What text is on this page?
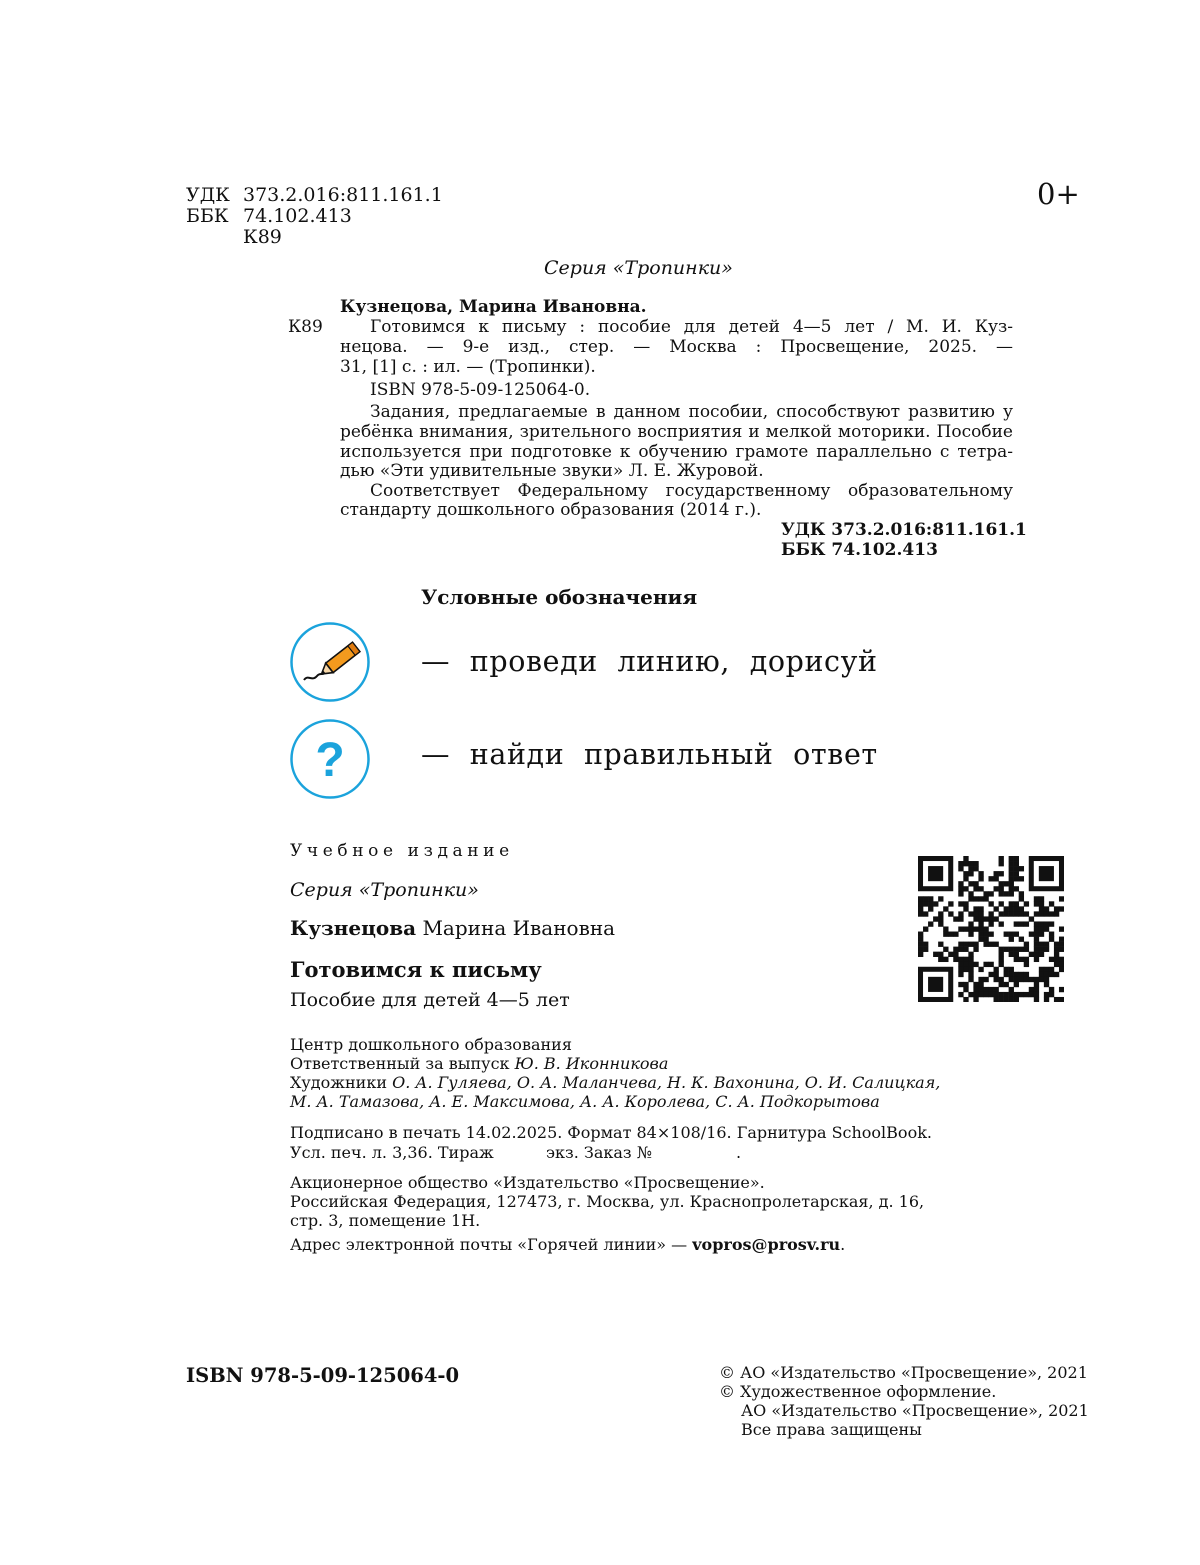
УДК 373.2.016:811.161.1
ББК 74.102.413
К89
0+
Серия «Тропинки»
Кузнецова, Марина Ивановна.
К89	Готовимся к письму : пособие для детей 4—5 лет / М. И. Куз-
нецова. — 9-е изд., стер. — Москва : Просвещение, 2025. —
31, [1] с. : ил. — (Тропинки).
ISBN 978-5-09-125064-0.
Задания, предлагаемые в данном пособии, способствуют развитию у
ребёнка внимания, зрительного восприятия и мелкой моторики. Пособие
используется при подготовке к обучению грамоте параллельно с тетра-
дью «Эти удивительные звуки» Л. Е. Журовой.
Соответствует Федеральному государственному образовательному
стандарту дошкольного образования (2014 г.).
УДК 373.2.016:811.161.1
ББК 74.102.413
Условные обозначения
— проведи линию, дорисуй
?	— найди правильный ответ
Учебное издание
Серия «Тропинки»
Кузнецова Марина Ивановна
Готовимся к письму
Пособие для детей 4—5 лет
Центр дошкольного образования
Ответственный за выпуск Ю. В. Иконникова
Художники О. А. Гуляева, О. А. Маланчева, Н. К. Вахонина, О. И. Салицкая,
М. А. Тамазова, А. Е. Максимова, А. А. Королева, С. А. Подкорытова
Подписано в печать 14.02.2025. Формат 84×108/16. Гарнитура SchoolBook.
Усл. печ. л. 3,36. Тираж	экз. Заказ №	.
Акционерное общество «Издательство «Просвещение».
Российская Федерация, 127473, г. Москва, ул. Краснопролетарская, д. 16,
стр. 3, помещение 1Н.
Адрес электронной почты «Горячей линии» — vopros@prosv.ru.
ISBN 978-5-09-125064-0	© АО «Издательство «Просвещение», 2021
© Художественное оформление.
АО «Издательство «Просвещение», 2021
Все права защищены
